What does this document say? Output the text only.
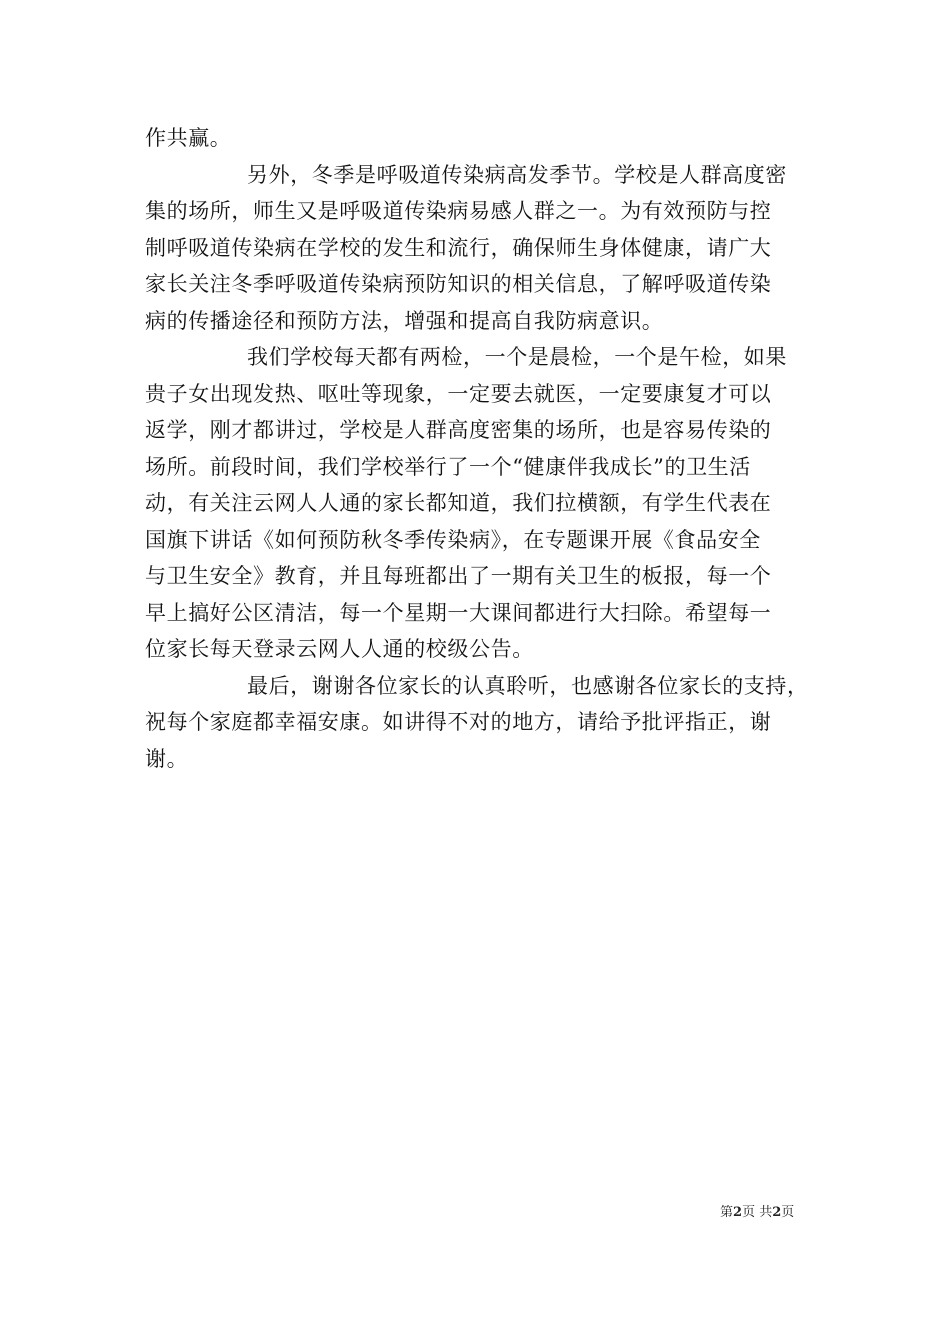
作共赢。
另外，冬季是呼吸道传染病高发季节。学校是人群高度密
集的场所，师生又是呼吸道传染病易感人群之一。为有效预防与控
制呼吸道传染病在学校的发生和流行，确保师生身体健康，请广大
家长关注冬季呼吸道传染病预防知识的相关信息，了解呼吸道传染
病的传播途径和预防方法，增强和提高自我防病意识。
我们学校每天都有两检，一个是晨检，一个是午检，如果
贵子女出现发热、呕吐等现象，一定要去就医，一定要康复才可以
返学，刚才都讲过，学校是人群高度密集的场所，也是容易传染的
场所。前段时间，我们学校举行了一个“健康伴我成长”的卫生活
动，有关注云网人人通的家长都知道，我们拉横额，有学生代表在
国旗下讲话《如何预防秋冬季传染病》，在专题课开展《食品安全
与卫生安全》教育，并且每班都出了一期有关卫生的板报，每一个
早上搞好公区清洁，每一个星期一大课间都进行大扫除。希望每一
位家长每天登录云网人人通的校级公告。
最后，谢谢各位家长的认真聆听，也感谢各位家长的支持，
祝每个家庭都幸福安康。如讲得不对的地方，请给予批评指正，谢
谢。
第2页 共2页
